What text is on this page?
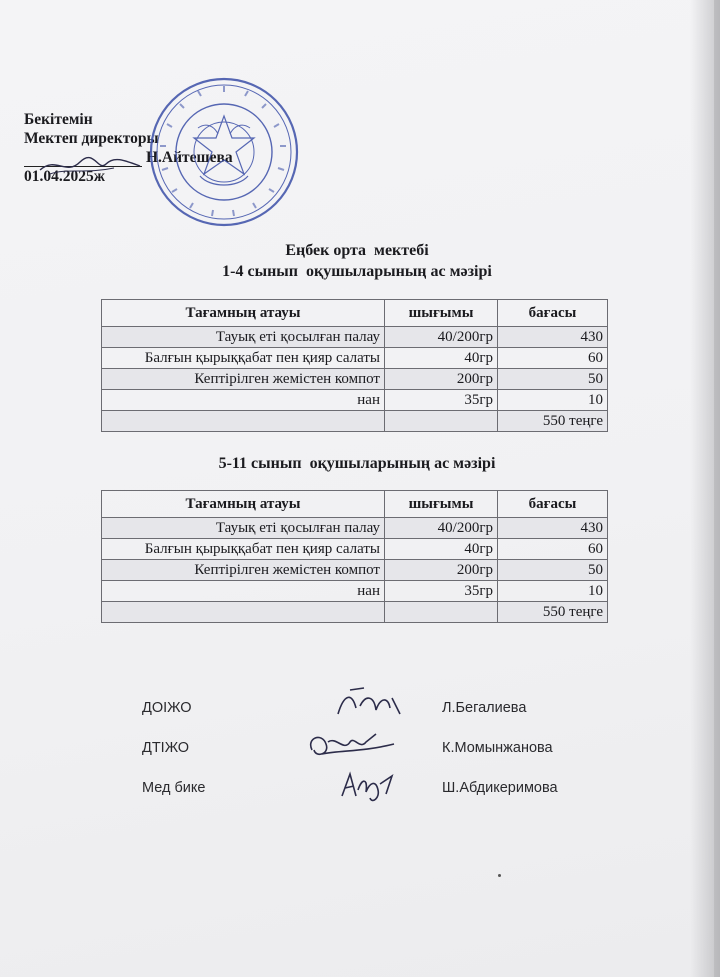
Бекітемін
Мектеп директоры
Н.Айтешева
01.04.2025ж
Еңбек орта  мектебі
1-4 сынып  оқушыларының ас мәзірі
Тағамның атауы	шығымы	бағасы
Тауық еті қосылған палау	40/200гр	430
Балғын қырыққабат пен қияр салаты	40гр	60
Кептірілген жемістен компот	200гр	50
нан	35гр	10
		550 теңге
5-11 сынып  оқушыларының ас мәзірі
Тағамның атауы	шығымы	бағасы
Тауық еті қосылған палау	40/200гр	430
Балғын қырыққабат пен қияр салаты	40гр	60
Кептірілген жемістен компот	200гр	50
нан	35гр	10
		550 теңге
ДОІЖО	Л.Бегалиева
ДТІЖО	К.Момынжанова
Мед бике	Ш.Абдикеримова
